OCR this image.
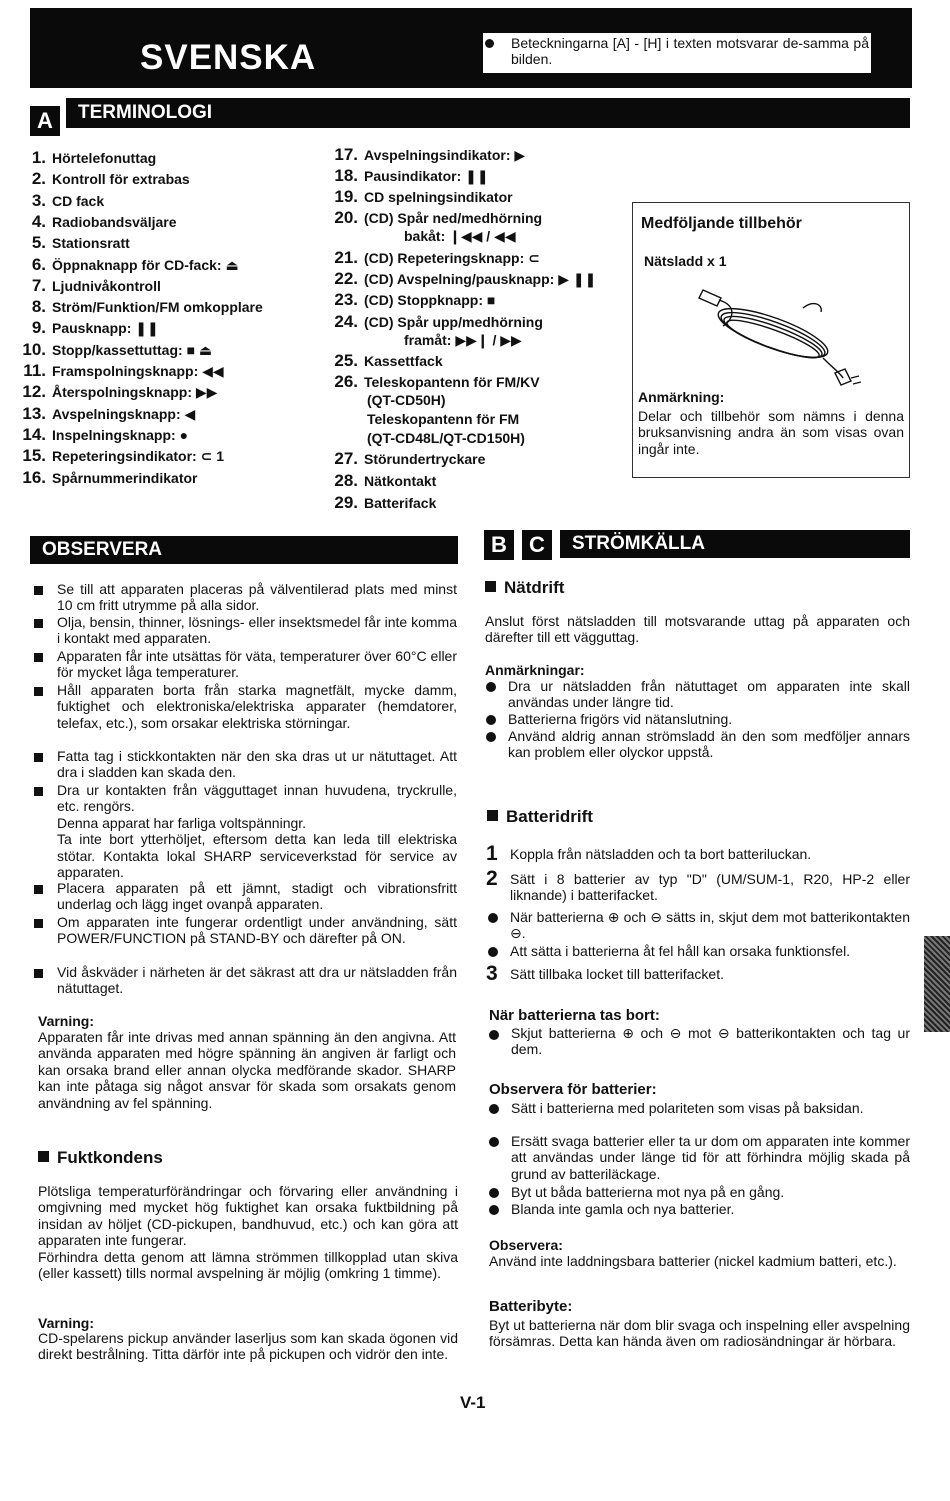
SVENSKA	Beteckningarna [A] - [H] i texten motsvarar de-samma på bilden.
A	TERMINOLOGI
1. Hörtelefonuttag
2. Kontroll för extrabas
3. CD fack
4. Radiobandsväljare
5. Stationsratt
6. Öppnaknapp för CD-fack: ⏏
7. Ljudnivåkontroll
8. Ström/Funktion/FM omkopplare
9. Pausknapp: ❚❚
10. Stopp/kassettuttag: ■ ⏏
11. Framspolningsknapp: ◀◀
12. Återspolningsknapp: ▶▶
13. Avspelningsknapp: ◀
14. Inspelningsknapp: ●
15. Repeteringsindikator: ⊂ 1
16. Spårnummerindikator
17. Avspelningsindikator: ▶
18. Pausindikator: ❚❚
19. CD spelningsindikator
20. (CD) Spår ned/medhörning
bakåt: ❙◀◀ / ◀◀
21. (CD) Repeteringsknapp: ⊂
22. (CD) Avspelning/pausknapp: ▶ ❚❚
23. (CD) Stoppknapp: ■
24. (CD) Spår upp/medhörning
framåt: ▶▶❙ / ▶▶
25. Kassettfack
26. Teleskopantenn för FM/KV
(QT-CD50H)
Teleskopantenn för FM
(QT-CD48L/QT-CD150H)
27. Störundertryckare
28. Nätkontakt
29. Batterifack
Medföljande tillbehör
Nätsladd x 1
Anmärkning:
Delar och tillbehör som nämns i denna bruksanvisning andra än som visas ovan ingår inte.
OBSERVERA
Se till att apparaten placeras på välventilerad plats med minst 10 cm fritt utrymme på alla sidor.
Olja, bensin, thinner, lösnings- eller insektsmedel får inte komma i kontakt med apparaten.
Apparaten får inte utsättas för väta, temperaturer över 60°C eller för mycket låga temperaturer.
Håll apparaten borta från starka magnetfält, mycke damm, fuktighet och elektroniska/elektriska apparater (hemdatorer, telefax, etc.), som orsakar elektriska störningar.
Fatta tag i stickkontakten när den ska dras ut ur nätuttaget. Att dra i sladden kan skada den.
Dra ur kontakten från vägguttaget innan huvudena, tryckrulle, etc. rengörs.
Denna apparat har farliga voltspänningr.
Ta inte bort ytterhöljet, eftersom detta kan leda till elektriska stötar. Kontakta lokal SHARP serviceverkstad för service av apparaten.
Placera apparaten på ett jämnt, stadigt och vibrationsfritt underlag och lägg inget ovanpå apparaten.
Om apparaten inte fungerar ordentligt under användning, sätt POWER/FUNCTION på STAND-BY och därefter på ON.
Vid åskväder i närheten är det säkrast att dra ur nätsladden från nätuttaget.
Varning:
Apparaten får inte drivas med annan spänning än den angivna. Att använda apparaten med högre spänning än angiven är farligt och kan orsaka brand eller annan olycka medförande skador. SHARP kan inte påtaga sig något ansvar för skada som orsakats genom användning av fel spänning.
Fuktkondens
Plötsliga temperaturförändringar och förvaring eller användning i omgivning med mycket hög fuktighet kan orsaka fuktbildning på insidan av höljet (CD-pickupen, bandhuvud, etc.) och kan göra att apparaten inte fungerar.
Förhindra detta genom att lämna strömmen tillkopplad utan skiva (eller kassett) tills normal avspelning är möjlig (omkring 1 timme).
Varning:
CD-spelarens pickup använder laserljus som kan skada ögonen vid direkt bestrålning. Titta därför inte på pickupen och vidrör den inte.
B	C	STRÖMKÄLLA
Nätdrift
Anslut först nätsladden till motsvarande uttag på apparaten och därefter till ett vägguttag.
Anmärkningar:
Dra ur nätsladden från nätuttaget om apparaten inte skall användas under längre tid.
Batterierna frigörs vid nätanslutning.
Använd aldrig annan strömsladd än den som medföljer annars kan problem eller olyckor uppstå.
Batteridrift
1 Koppla från nätsladden och ta bort batteriluckan.
2 Sätt i 8 batterier av typ "D" (UM/SUM-1, R20, HP-2 eller liknande) i batterifacket.
När batterierna ⊕ och ⊖ sätts in, skjut dem mot batterikontakten ⊖.
Att sätta i batterierna åt fel håll kan orsaka funktionsfel.
3 Sätt tillbaka locket till batterifacket.
När batterierna tas bort:
Skjut batterierna ⊕ och ⊖ mot ⊖ batterikontakten och tag ur dem.
Observera för batterier:
Sätt i batterierna med polariteten som visas på baksidan.
Ersätt svaga batterier eller ta ur dom om apparaten inte kommer att användas under länge tid för att förhindra möjlig skada på grund av batteriläckage.
Byt ut båda batterierna mot nya på en gång.
Blanda inte gamla och nya batterier.
Observera:
Använd inte laddningsbara batterier (nickel kadmium batteri, etc.).
Batteribyte:
Byt ut batterierna när dom blir svaga och inspelning eller avspelning försämras. Detta kan hända även om radiosändningar är hörbara.
V-1
